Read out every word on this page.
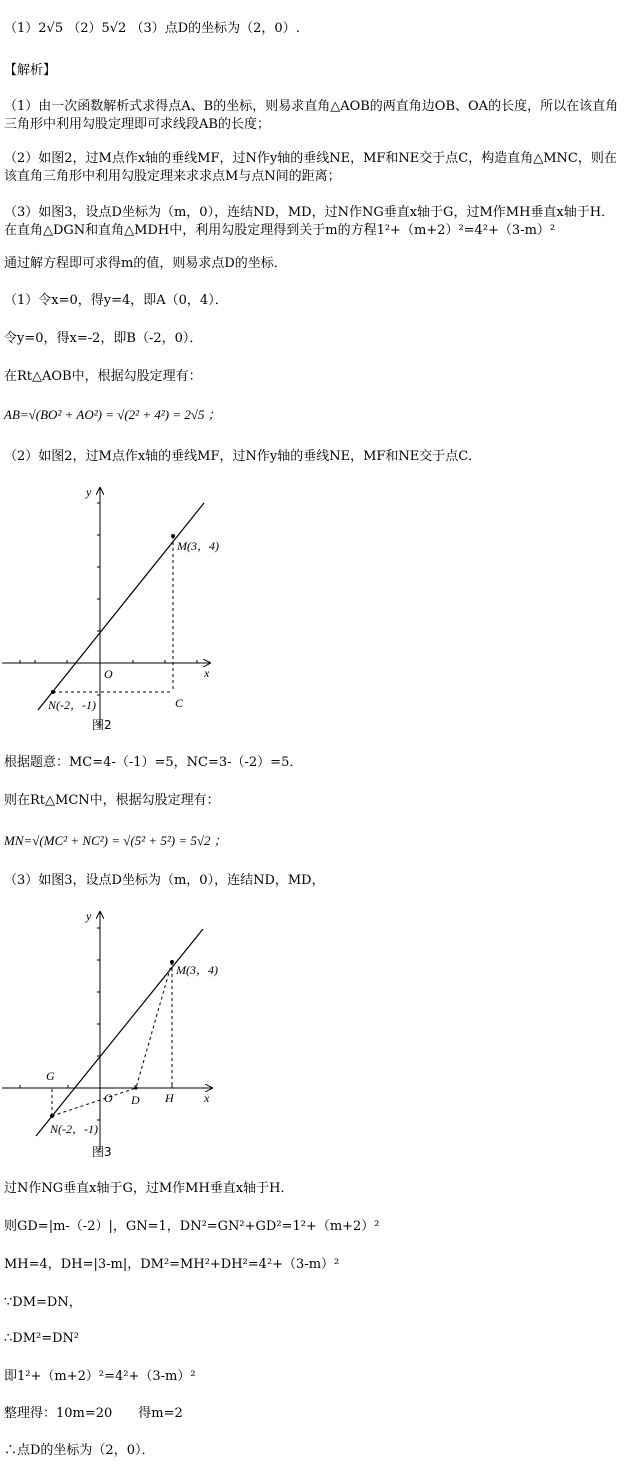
（1）2√5 （2）5√2 （3）点D的坐标为（2，0）.
【解析】
（1）由一次函数解析式求得点A、B的坐标，则易求直角△AOB的两直角边OB、OA的长度，所以在该直角三角形中利用勾股定理即可求线段AB的长度；
（2）如图2，过M点作x轴的垂线MF，过N作y轴的垂线NE，MF和NE交于点C，构造直角△MNC，则在该直角三角形中利用勾股定理来求求点M与点N间的距离；
（3）如图3，设点D坐标为（m，0），连结ND，MD，过N作NG垂直x轴于G，过M作MH垂直x轴于H．在直角△DGN和直角△MDH中，利用勾股定理得到关于m的方程1²+（m+2）²=4²+（3-m）²
通过解方程即可求得m的值，则易求点D的坐标．
（1）令x=0，得y=4，即A（0，4）．
令y=0，得x=-2，即B（-2，0）．
在Rt△AOB中，根据勾股定理有：
AB=√(BO² + AO²) = √(2² + 4²) = 2√5 ；
（2）如图2，过M点作x轴的垂线MF，过N作y轴的垂线NE，MF和NE交于点C．
y
x
O
M(3，4)
N(-2，-1)	C
图2
根据题意：MC=4-（-1）=5，NC=3-（-2）=5．
则在Rt△MCN中，根据勾股定理有：
MN=√(MC² + NC²) = √(5² + 5²) = 5√2 ；
（3）如图3，设点D坐标为（m，0），连结ND，MD，
y
x
O
M(3，4)
N(-2，-1)
G
D H
图3
过N作NG垂直x轴于G，过M作MH垂直x轴于H．
则GD=|m-（-2）|，GN=1，DN²=GN²+GD²=1²+（m+2）²
MH=4，DH=|3-m|，DM²=MH²+DH²=4²+（3-m）²
∵DM=DN，
∴DM²=DN²
即1²+（m+2）²=4²+（3-m）²
整理得：10m=20　　得m=2
∴点D的坐标为（2，0）．
